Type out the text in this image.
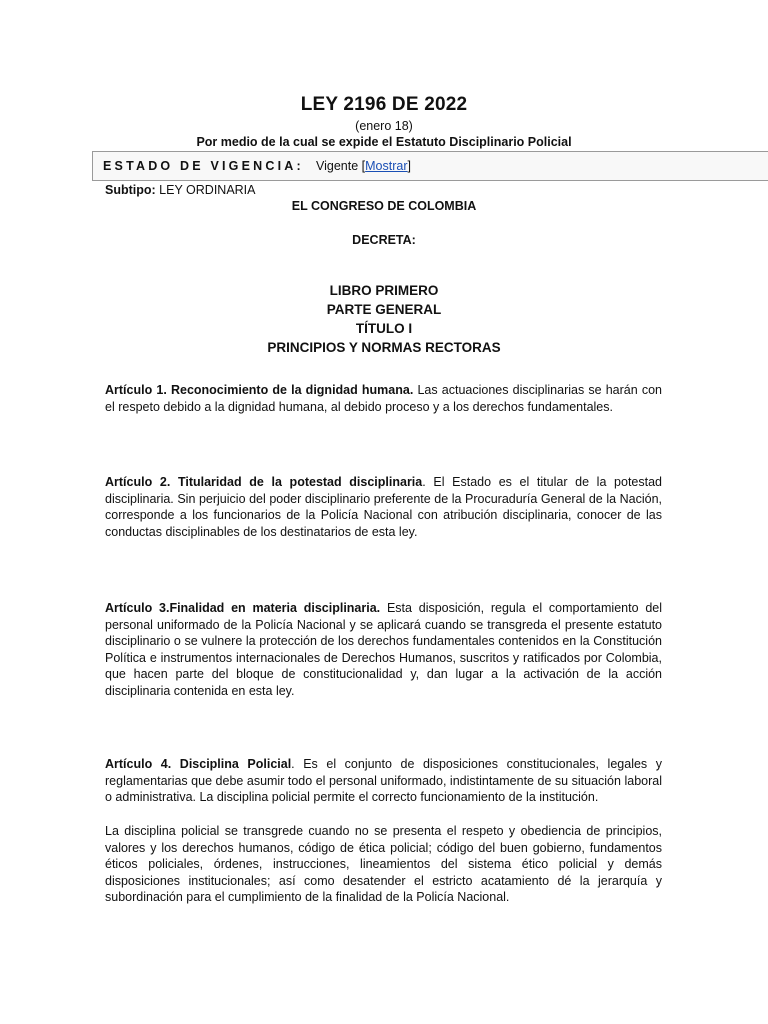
LEY 2196 DE 2022
(enero 18)
Por medio de la cual se expide el Estatuto Disciplinario Policial
ESTADO DE VIGENCIA: Vigente [Mostrar]
Subtipo: LEY ORDINARIA
EL CONGRESO DE COLOMBIA
DECRETA:
LIBRO PRIMERO
PARTE GENERAL
TÍTULO I
PRINCIPIOS Y NORMAS RECTORAS
Artículo 1. Reconocimiento de la dignidad humana. Las actuaciones disciplinarias se harán con el respeto debido a la dignidad humana, al debido proceso y a los derechos fundamentales.
Artículo 2. Titularidad de la potestad disciplinaria. El Estado es el titular de la potestad disciplinaria. Sin perjuicio del poder disciplinario preferente de la Procuraduría General de la Nación, corresponde a los funcionarios de la Policía Nacional con atribución disciplinaria, conocer de las conductas disciplinables de los destinatarios de esta ley.
Artículo 3.Finalidad en materia disciplinaria. Esta disposición, regula el comportamiento del personal uniformado de la Policía Nacional y se aplicará cuando se transgreda el presente estatuto disciplinario o se vulnere la protección de los derechos fundamentales contenidos en la Constitución Política e instrumentos internacionales de Derechos Humanos, suscritos y ratificados por Colombia, que hacen parte del bloque de constitucionalidad y, dan lugar a la activación de la acción disciplinaria contenida en esta ley.
Artículo 4. Disciplina Policial. Es el conjunto de disposiciones constitucionales, legales y reglamentarias que debe asumir todo el personal uniformado, indistintamente de su situación laboral o administrativa. La disciplina policial permite el correcto funcionamiento de la institución.
La disciplina policial se transgrede cuando no se presenta el respeto y obediencia de principios, valores y los derechos humanos, código de ética policial; código del buen gobierno, fundamentos éticos policiales, órdenes, instrucciones, lineamientos del sistema ético policial y demás disposiciones institucionales; así como desatender el estricto acatamiento dé la jerarquía y subordinación para el cumplimiento de la finalidad de la Policía Nacional.
